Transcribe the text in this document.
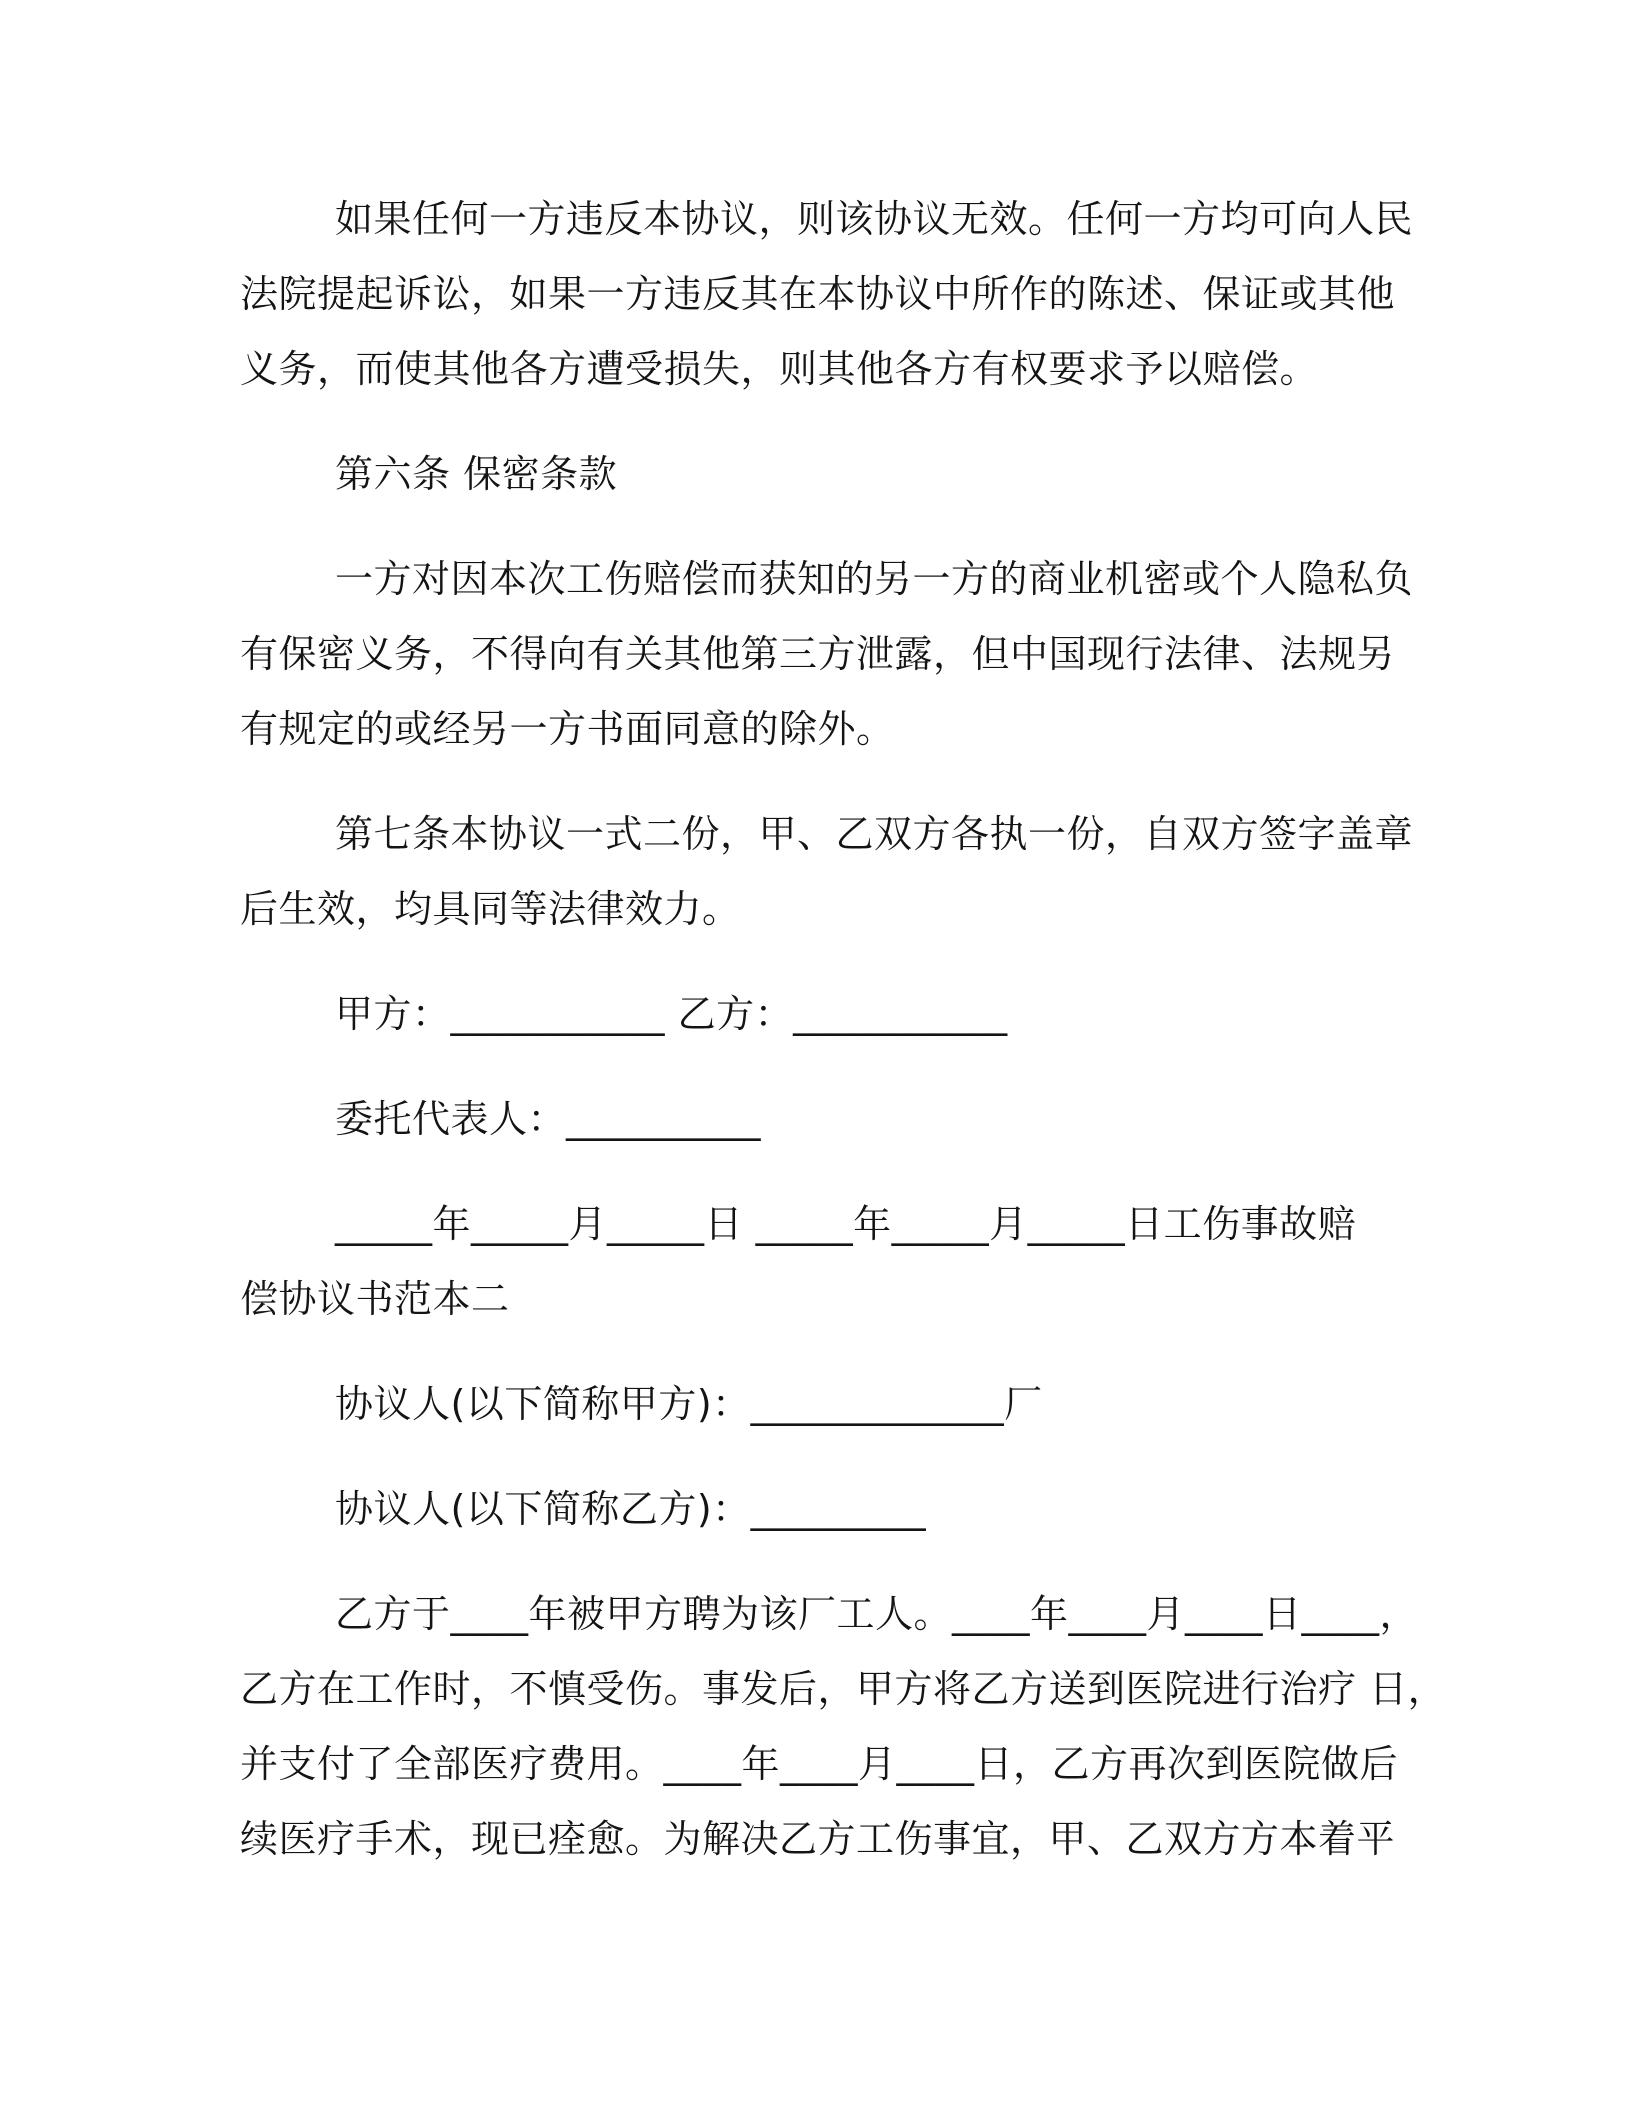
如果任何一方违反本协议，则该协议无效。任何一方均可向人民
法院提起诉讼，如果一方违反其在本协议中所作的陈述、保证或其他
义务，而使其他各方遭受损失，则其他各方有权要求予以赔偿。
第六条 保密条款
一方对因本次工伤赔偿而获知的另一方的商业机密或个人隐私负
有保密义务，不得向有关其他第三方泄露，但中国现行法律、法规另
有规定的或经另一方书面同意的除外。
第七条本协议一式二份，甲、乙双方各执一份，自双方签字盖章
后生效，均具同等法律效力。
甲方：___________ 乙方：___________
委托代表人：__________
_____年_____月_____日 _____年_____月_____日工伤事故赔
偿协议书范本二
协议人(以下简称甲方)：_____________厂
协议人(以下简称乙方)：_________
乙方于____年被甲方聘为该厂工人。____年____月____日____，
乙方在工作时，不慎受伤。事发后，甲方将乙方送到医院进行治疗 日，
并支付了全部医疗费用。____年____月____日，乙方再次到医院做后
续医疗手术，现已痊愈。为解决乙方工伤事宜，甲、乙双方方本着平
